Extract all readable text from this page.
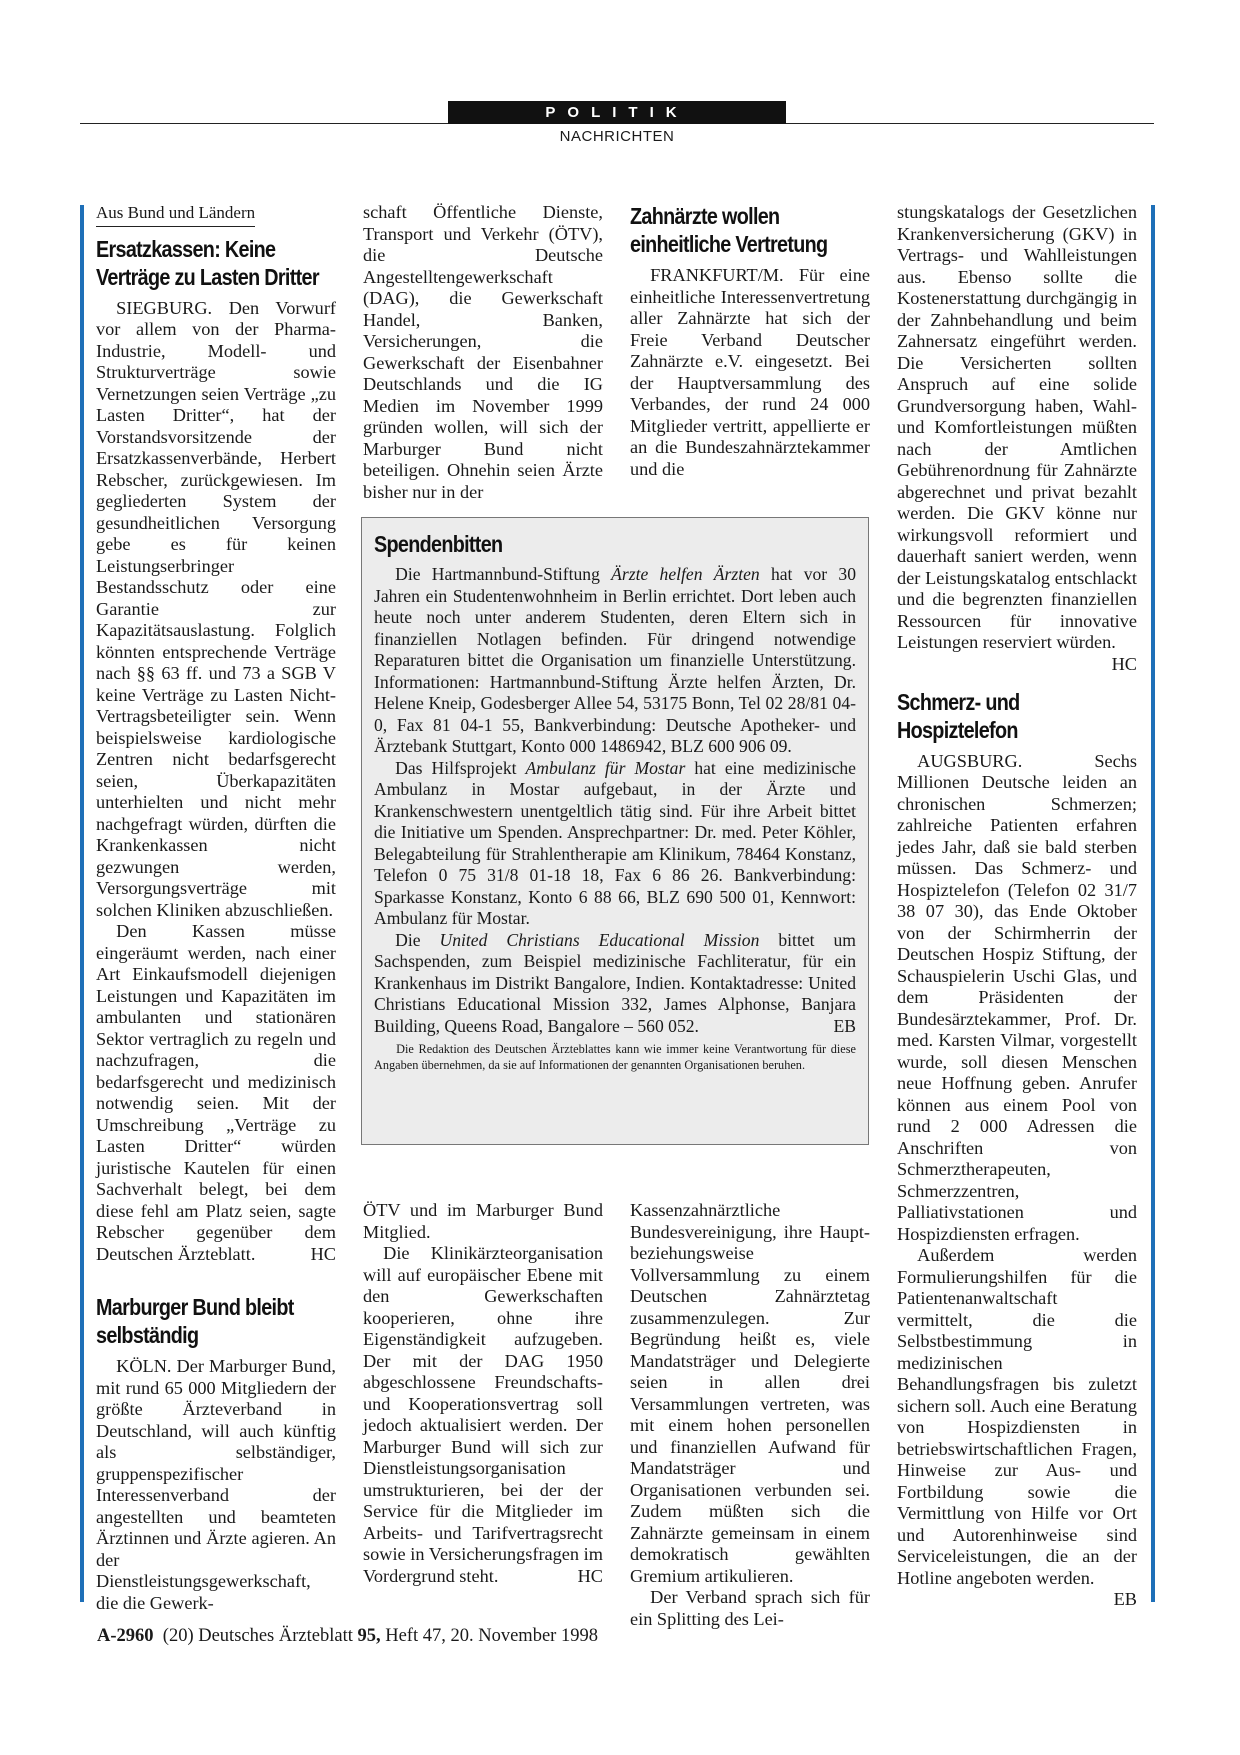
POLITIK
NACHRICHTEN
Aus Bund und Ländern
Ersatzkassen: Keine Verträge zu Lasten Dritter

SIEGBURG. Den Vorwurf vor allem von der Pharma-Industrie, Modell- und Strukturverträge sowie Vernetzungen seien Verträge „zu Lasten Dritter“, hat der Vorstandsvorsitzende der Ersatzkassenverbände, Herbert Rebscher, zurückgewiesen. Im gegliederten System der gesundheitlichen Versorgung gebe es für keinen Leistungserbringer Bestandsschutz oder eine Garantie zur Kapazitätsauslastung. Folglich könnten entsprechende Verträge nach §§ 63 ff. und 73 a SGB V keine Verträge zu Lasten Nicht-Vertragsbeteiligter sein. Wenn beispielsweise kardiologische Zentren nicht bedarfsgerecht seien, Überkapazitäten unterhielten und nicht mehr nachgefragt würden, dürften die Krankenkassen nicht gezwungen werden, Versorgungsverträge mit solchen Kliniken abzuschließen.

Den Kassen müsse eingeräumt werden, nach einer Art Einkaufsmodell diejenigen Leistungen und Kapazitäten im ambulanten und stationären Sektor vertraglich zu regeln und nachzufragen, die bedarfsgerecht und medizinisch notwendig seien. Mit der Umschreibung „Verträge zu Lasten Dritter“ würden juristische Kautelen für einen Sachverhalt belegt, bei dem diese fehl am Platz seien, sagte Rebscher gegenüber dem Deutschen Ärzteblatt.	HC

Marburger Bund bleibt selbständig

KÖLN. Der Marburger Bund, mit rund 65 000 Mitgliedern der größte Ärzteverband in Deutschland, will auch künftig als selbständiger, gruppenspezifischer Interessenverband der angestellten und beamteten Ärztinnen und Ärzte agieren. An der Dienstleistungsgewerkschaft, die die Gewerk-

schaft Öffentliche Dienste, Transport und Verkehr (ÖTV), die Deutsche Angestelltengewerkschaft (DAG), die Gewerkschaft Handel, Banken, Versicherungen, die Gewerkschaft der Eisenbahner Deutschlands und die IG Medien im November 1999 gründen wollen, will sich der Marburger Bund nicht beteiligen. Ohnehin seien Ärzte bisher nur in der

Zahnärzte wollen einheitliche Vertretung

FRANKFURT/M. Für eine einheitliche Interessenvertretung aller Zahnärzte hat sich der Freie Verband Deutscher Zahnärzte e.V. eingesetzt. Bei der Hauptversammlung des Verbandes, der rund 24 000 Mitglieder vertritt, appellierte er an die Bundeszahnärztekammer und die

Spendenbitten

Die Hartmannbund-Stiftung Ärzte helfen Ärzten hat vor 30 Jahren ein Studentenwohnheim in Berlin errichtet. Dort leben auch heute noch unter anderem Studenten, deren Eltern sich in finanziellen Notlagen befinden. Für dringend notwendige Reparaturen bittet die Organisation um finanzielle Unterstützung. Informationen: Hartmannbund-Stiftung Ärzte helfen Ärzten, Dr. Helene Kneip, Godesberger Allee 54, 53175 Bonn, Tel 02 28/81 04-0, Fax 81 04-1 55, Bankverbindung: Deutsche Apotheker- und Ärztebank Stuttgart, Konto 000 1486942, BLZ 600 906 09.

Das Hilfsprojekt Ambulanz für Mostar hat eine medizinische Ambulanz in Mostar aufgebaut, in der Ärzte und Krankenschwestern unentgeltlich tätig sind. Für ihre Arbeit bittet die Initiative um Spenden. Ansprechpartner: Dr. med. Peter Köhler, Belegabteilung für Strahlentherapie am Klinikum, 78464 Konstanz, Telefon 0 75 31/8 01-18 18, Fax 6 86 26. Bankverbindung: Sparkasse Konstanz, Konto 6 88 66, BLZ 690 500 01, Kennwort: Ambulanz für Mostar.

Die United Christians Educational Mission bittet um Sachspenden, zum Beispiel medizinische Fachliteratur, für ein Krankenhaus im Distrikt Bangalore, Indien. Kontaktadresse: United Christians Educational Mission 332, James Alphonse, Banjara Building, Queens Road, Bangalore – 560 052.	EB

Die Redaktion des Deutschen Ärzteblattes kann wie immer keine Verantwortung für diese Angaben übernehmen, da sie auf Informationen der genannten Organisationen beruhen.

ÖTV und im Marburger Bund Mitglied.

Die Klinikärzteorganisation will auf europäischer Ebene mit den Gewerkschaften kooperieren, ohne ihre Eigenständigkeit aufzugeben. Der mit der DAG 1950 abgeschlossene Freundschafts- und Kooperationsvertrag soll jedoch aktualisiert werden. Der Marburger Bund will sich zur Dienstleistungsorganisation umstrukturieren, bei der der Service für die Mitglieder im Arbeits- und Tarifvertragsrecht sowie in Versicherungsfragen im Vordergrund steht.	HC

Kassenzahnärztliche Bundesvereinigung, ihre Haupt- beziehungsweise Vollversammlung zu einem Deutschen Zahnärztetag zusammenzulegen. Zur Begründung heißt es, viele Mandatsträger und Delegierte seien in allen drei Versammlungen vertreten, was mit einem hohen personellen und finanziellen Aufwand für Mandatsträger und Organisationen verbunden sei. Zudem müßten sich die Zahnärzte gemeinsam in einem demokratisch gewählten Gremium artikulieren.

Der Verband sprach sich für ein Splitting des Lei-

stungskatalogs der Gesetzlichen Krankenversicherung (GKV) in Vertrags- und Wahlleistungen aus. Ebenso sollte die Kostenerstattung durchgängig in der Zahnbehandlung und beim Zahnersatz eingeführt werden. Die Versicherten sollten Anspruch auf eine solide Grundversorgung haben, Wahl- und Komfortleistungen müßten nach der Amtlichen Gebührenordnung für Zahnärzte abgerechnet und privat bezahlt werden. Die GKV könne nur wirkungsvoll reformiert und dauerhaft saniert werden, wenn der Leistungskatalog entschlackt und die begrenzten finanziellen Ressourcen für innovative Leistungen reserviert würden.
HC

Schmerz- und Hospiztelefon

AUGSBURG. Sechs Millionen Deutsche leiden an chronischen Schmerzen; zahlreiche Patienten erfahren jedes Jahr, daß sie bald sterben müssen. Das Schmerz- und Hospiztelefon (Telefon 02 31/7 38 07 30), das Ende Oktober von der Schirmherrin der Deutschen Hospiz Stiftung, der Schauspielerin Uschi Glas, und dem Präsidenten der Bundesärztekammer, Prof. Dr. med. Karsten Vilmar, vorgestellt wurde, soll diesen Menschen neue Hoffnung geben. Anrufer können aus einem Pool von rund 2 000 Adressen die Anschriften von Schmerztherapeuten, Schmerzzentren, Palliativstationen und Hospizdiensten erfragen.

Außerdem werden Formulierungshilfen für die Patientenanwaltschaft vermittelt, die die Selbstbestimmung in medizinischen Behandlungsfragen bis zuletzt sichern soll. Auch eine Beratung von Hospizdiensten in betriebswirtschaftlichen Fragen, Hinweise zur Aus- und Fortbildung sowie die Vermittlung von Hilfe vor Ort und Autorenhinweise sind Serviceleistungen, die an der Hotline angeboten werden.
EB

A-2960 (20) Deutsches Ärzteblatt 95, Heft 47, 20. November 1998
